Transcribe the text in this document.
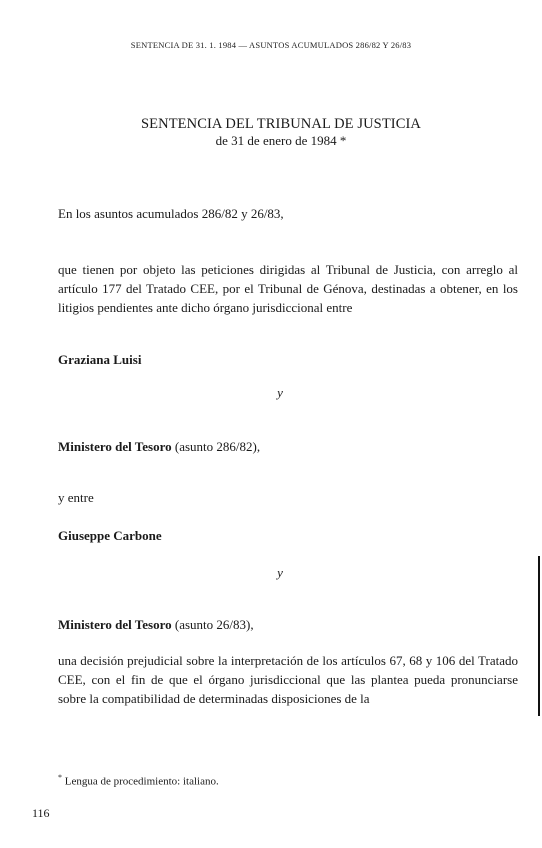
SENTENCIA DE 31. 1. 1984 — ASUNTOS ACUMULADOS 286/82 Y 26/83
SENTENCIA DEL TRIBUNAL DE JUSTICIA
de 31 de enero de 1984 *
En los asuntos acumulados 286/82 y 26/83,
que tienen por objeto las peticiones dirigidas al Tribunal de Justicia, con arreglo al artículo 177 del Tratado CEE, por el Tribunal de Génova, destinadas a obtener, en los litigios pendientes ante dicho órgano jurisdiccional entre
Graziana Luisi
y
Ministero del Tesoro (asunto 286/82),
y entre
Giuseppe Carbone
y
Ministero del Tesoro (asunto 26/83),
una decisión prejudicial sobre la interpretación de los artículos 67, 68 y 106 del Tratado CEE, con el fin de que el órgano jurisdiccional que las plantea pueda pronunciarse sobre la compatibilidad de determinadas disposiciones de la
* Lengua de procedimiento: italiano.
116
